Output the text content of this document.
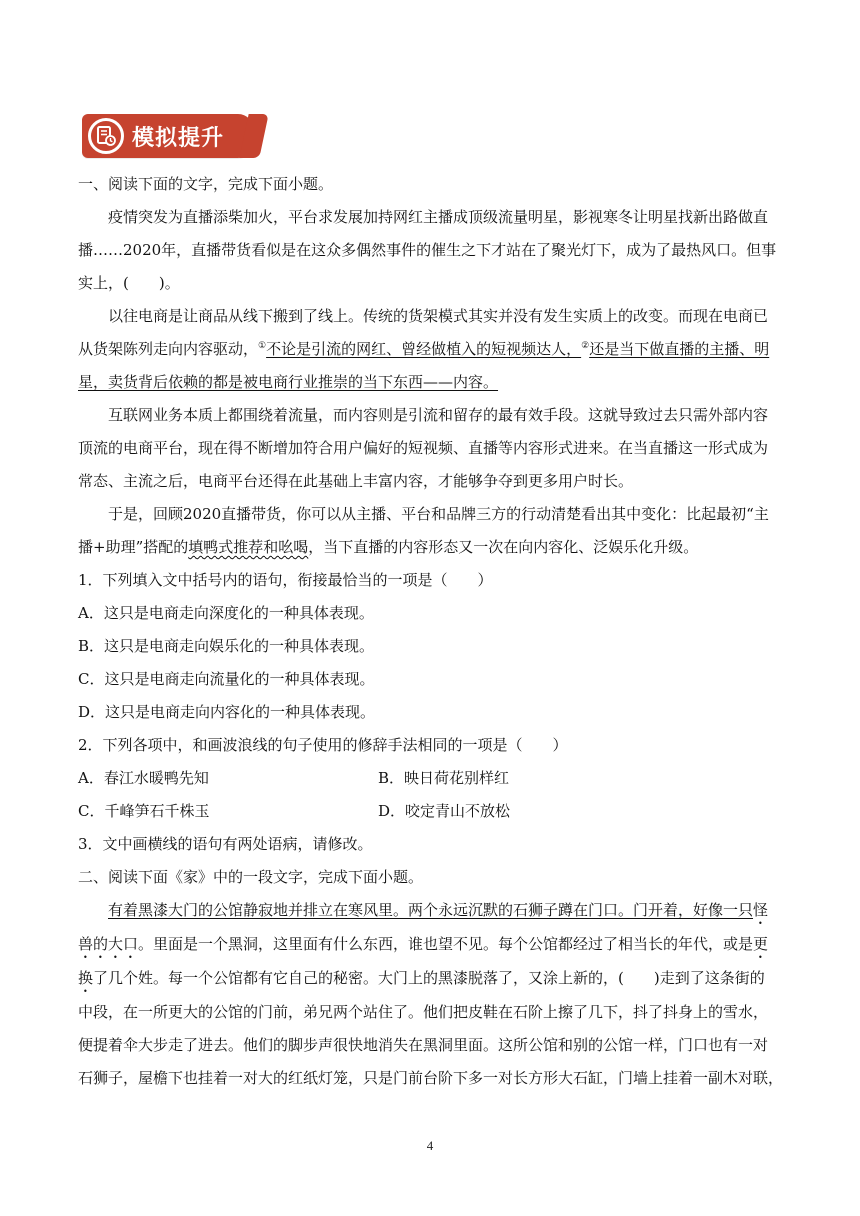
模拟提升
一、阅读下面的文字，完成下面小题。
疫情突发为直播添柴加火，平台求发展加持网红主播成顶级流量明星，影视寒冬让明星找新出路做直
播……2020年，直播带货看似是在这众多偶然事件的催生之下才站在了聚光灯下，成为了最热风口。但事
实上，(　　)。
以往电商是让商品从线下搬到了线上。传统的货架模式其实并没有发生实质上的改变。而现在电商已
从货架陈列走向内容驱动，①不论是引流的网红、曾经做植入的短视频达人，②还是当下做直播的主播、明
星，卖货背后依赖的都是被电商行业推崇的当下东西——内容。
互联网业务本质上都围绕着流量，而内容则是引流和留存的最有效手段。这就导致过去只需外部内容
顶流的电商平台，现在得不断增加符合用户偏好的短视频、直播等内容形式进来。在当直播这一形式成为
常态、主流之后，电商平台还得在此基础上丰富内容，才能够争夺到更多用户时长。
于是，回顾2020直播带货，你可以从主播、平台和品牌三方的行动清楚看出其中变化：比起最初“主
播+助理”搭配的填鸭式推荐和吆喝，当下直播的内容形态又一次在向内容化、泛娱乐化升级。
1．下列填入文中括号内的语句，衔接最恰当的一项是（　　）
A．这只是电商走向深度化的一种具体表现。
B．这只是电商走向娱乐化的一种具体表现。
C．这只是电商走向流量化的一种具体表现。
D．这只是电商走向内容化的一种具体表现。
2．下列各项中，和画波浪线的句子使用的修辞手法相同的一项是（　　）
A．春江水暖鸭先知	B．映日荷花别样红
C．千峰笋石千株玉	D．咬定青山不放松
3．文中画横线的语句有两处语病，请修改。
二、阅读下面《家》中的一段文字，完成下面小题。
有着黑漆大门的公馆静寂地并排立在寒风里。两个永远沉默的石狮子蹲在门口。门开着，好像一只怪
兽的大口。里面是一个黑洞，这里面有什么东西，谁也望不见。每个公馆都经过了相当长的年代，或是更
换了几个姓。每一个公馆都有它自己的秘密。大门上的黑漆脱落了，又涂上新的，(　　)走到了这条街的
中段，在一所更大的公馆的门前，弟兄两个站住了。他们把皮鞋在石阶上擦了几下，抖了抖身上的雪水，
便提着伞大步走了进去。他们的脚步声很快地消失在黑洞里面。这所公馆和别的公馆一样，门口也有一对
石狮子，屋檐下也挂着一对大的红纸灯笼，只是门前台阶下多一对长方形大石缸，门墙上挂着一副木对联，
4
